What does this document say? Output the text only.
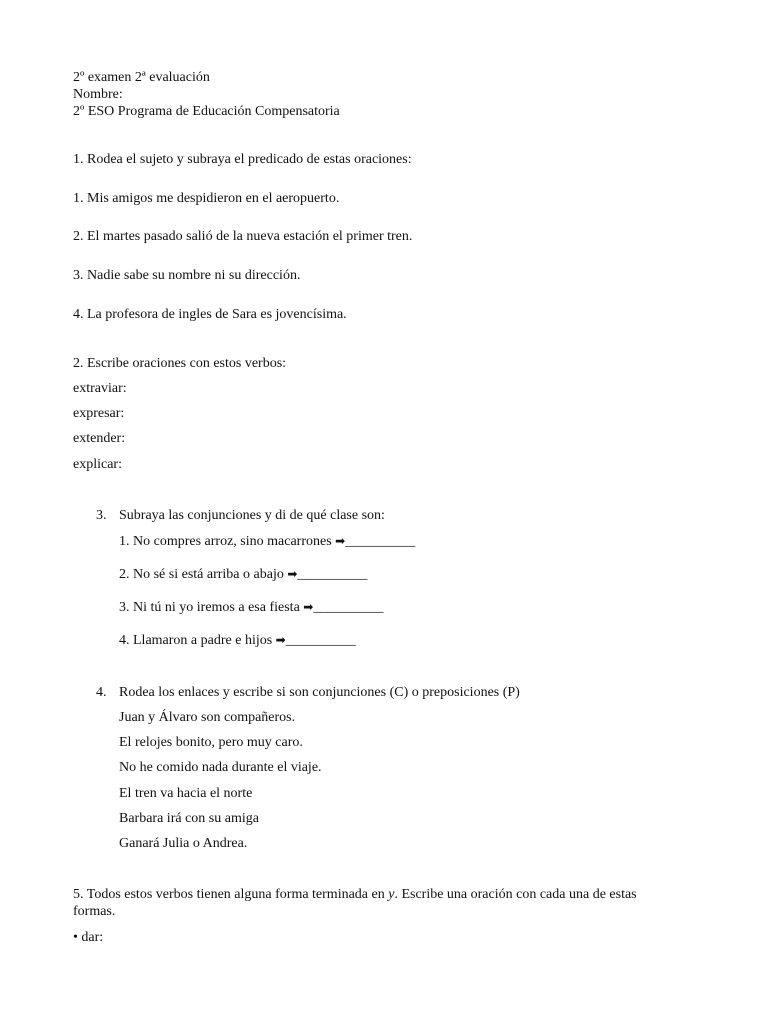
2º examen 2ª evaluación
Nombre:
2º ESO Programa de Educación Compensatoria
1. Rodea el sujeto y subraya el predicado de estas oraciones:
1. Mis amigos me despidieron en el aeropuerto.
2. El martes pasado salió de la nueva estación el primer tren.
3. Nadie sabe su nombre ni su dirección.
4. La profesora de ingles de Sara es jovencísima.
2. Escribe oraciones con estos verbos:
extraviar:
expresar:
extender:
explicar:
3. Subraya las conjunciones y di de qué clase son:
1. No compres arroz, sino macarrones ➡__________
2. No sé si está arriba o abajo ➡__________
3. Ni tú ni yo iremos a esa fiesta ➡__________
4. Llamaron a padre e hijos ➡__________
4. Rodea los enlaces y escribe si son conjunciones (C) o preposiciones (P)
Juan y Álvaro son compañeros.
El relojes bonito, pero muy caro.
No he comido nada durante el viaje.
El tren va hacia el norte
Barbara irá con su amiga
Ganará Julia o Andrea.
5. Todos estos verbos tienen alguna forma terminada en y. Escribe una oración con cada una de estas formas.
• dar:
